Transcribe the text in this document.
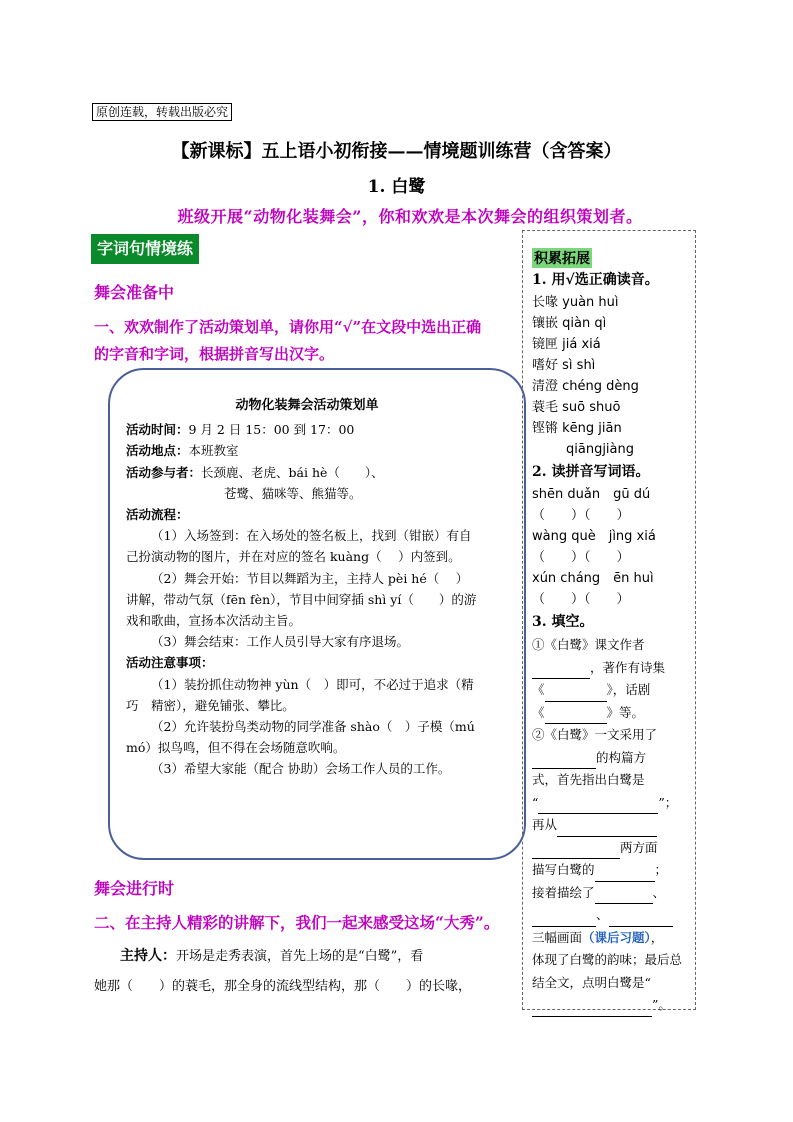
原创连载，转载出版必究
【新课标】五上语小初衔接——情境题训练营（含答案）
1. 白鹭
班级开展“动物化装舞会”，你和欢欢是本次舞会的组织策划者。
字词句情境练
舞会准备中
一、欢欢制作了活动策划单，请你用“√”在文段中选出正确的字音和字词，根据拼音写出汉字。
动物化装舞会活动策划单

活动时间：9 月 2 日 15：00 到 17：00

活动地点：本班教室

活动参与者：长颈鹿、老虎、bái hè（　　）、

苍鹭、猫咪等、熊猫等。

活动流程：

（1）入场签到：在入场处的签名板上，找到（钳嵌）有自己扮演动物的图片，并在对应的签名 kuàng（　 ）内签到。

（2）舞会开始：节目以舞蹈为主，主持人 pèi hé（　 ）讲解，带动气氛（fēn fèn），节目中间穿插 shì yí（　　）的游戏和歌曲，宣扬本次活动主旨。

（3）舞会结束：工作人员引导大家有序退场。

活动注意事项：

（1）装扮抓住动物神 yùn（　）即可，不必过于追求（精巧　精密），避免铺张、攀比。

（2）允许装扮鸟类动物的同学准备 shào（　）子模（mú　mó）拟鸟鸣，但不得在会场随意吹响。

（3）希望大家能（配合 协助）会场工作人员的工作。

舞会进行时
二、在主持人精彩的讲解下，我们一起来感受这场“大秀”。
主持人：开场是走秀表演，首先上场的是“白鹭”，看
她那（　　）的蓑毛，那全身的流线型结构，那（　　）的长喙，
积累拓展
1. 用√选正确读音。
长喙 yuàn huì
镶嵌 qiàn qì
镜匣 jiá xiá
嗜好 sì shì
清澄 chéng dèng
蓑毛 suō shuō
铿锵 kēng jiān
qiāngjiàng
2. 读拼音写词语。
shēn duǎn　gū dú
（　　）（　　）
wàng què　jìng xiá
（　　）（　　）
xún cháng　ēn huì
（　　）（　　）
3. 填空。
①《白鹭》课文作者
，著作有诗集
《	》，话剧
《	》等。
②《白鹭》一文采用了
的构篇方
式，首先指出白鹭是
“	”；
再从
两方面
描写白鹭的	；
接着描绘了	、
、
三幅画面（课后习题），
体现了白鹭的韵味；最后总结全文，点明白鹭是“
”。
